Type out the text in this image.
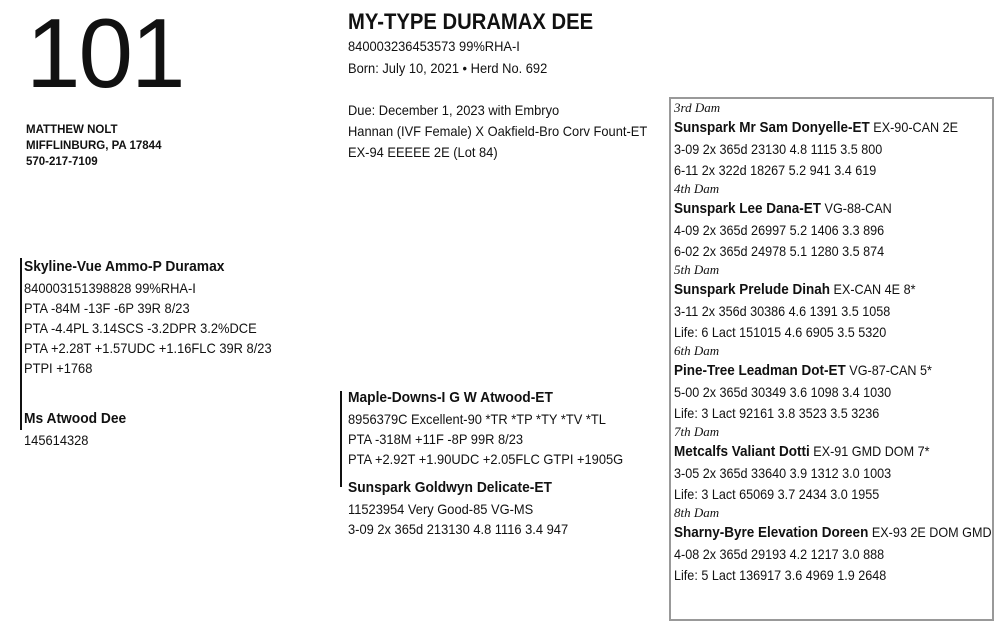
101
MATTHEW NOLT
MIFFLINBURG, PA 17844
570-217-7109
MY-TYPE DURAMAX DEE
840003236453573 99%RHA-I
Born: July 10, 2021 • Herd No. 692
Due: December 1, 2023 with Embryo
Hannan (IVF Female) X Oakfield-Bro Corv Fount-ET
EX-94 EEEEE 2E (Lot 84)
Skyline-Vue Ammo-P Duramax
840003151398828 99%RHA-I
PTA -84M -13F -6P 39R 8/23
PTA -4.4PL 3.14SCS -3.2DPR 3.2%DCE
PTA +2.28T +1.57UDC +1.16FLC 39R 8/23
PTPI +1768
Ms Atwood Dee
145614328
Maple-Downs-I G W Atwood-ET
8956379C Excellent-90 *TR *TP *TY *TV *TL
PTA -318M +11F -8P 99R 8/23
PTA +2.92T +1.90UDC +2.05FLC GTPI +1905G
Sunspark Goldwyn Delicate-ET
11523954 Very Good-85 VG-MS
3-09 2x 365d 213130 4.8 1116 3.4 947
3rd Dam
Sunspark Mr Sam Donyelle-ET EX-90-CAN 2E
3-09 2x 365d 23130 4.8 1115 3.5 800
6-11 2x 322d 18267 5.2 941 3.4 619
4th Dam
Sunspark Lee Dana-ET VG-88-CAN
4-09 2x 365d 26997 5.2 1406 3.3 896
6-02 2x 365d 24978 5.1 1280 3.5 874
5th Dam
Sunspark Prelude Dinah EX-CAN 4E 8*
3-11 2x 356d 30386 4.6 1391 3.5 1058
Life: 6 Lact 151015 4.6 6905 3.5 5320
6th Dam
Pine-Tree Leadman Dot-ET VG-87-CAN 5*
5-00 2x 365d 30349 3.6 1098 3.4 1030
Life: 3 Lact 92161 3.8 3523 3.5 3236
7th Dam
Metcalfs Valiant Dotti EX-91 GMD DOM 7*
3-05 2x 365d 33640 3.9 1312 3.0 1003
Life: 3 Lact 65069 3.7 2434 3.0 1955
8th Dam
Sharny-Byre Elevation Doreen EX-93 2E DOM GMD
4-08 2x 365d 29193 4.2 1217 3.0 888
Life: 5 Lact 136917 3.6 4969 1.9 2648
